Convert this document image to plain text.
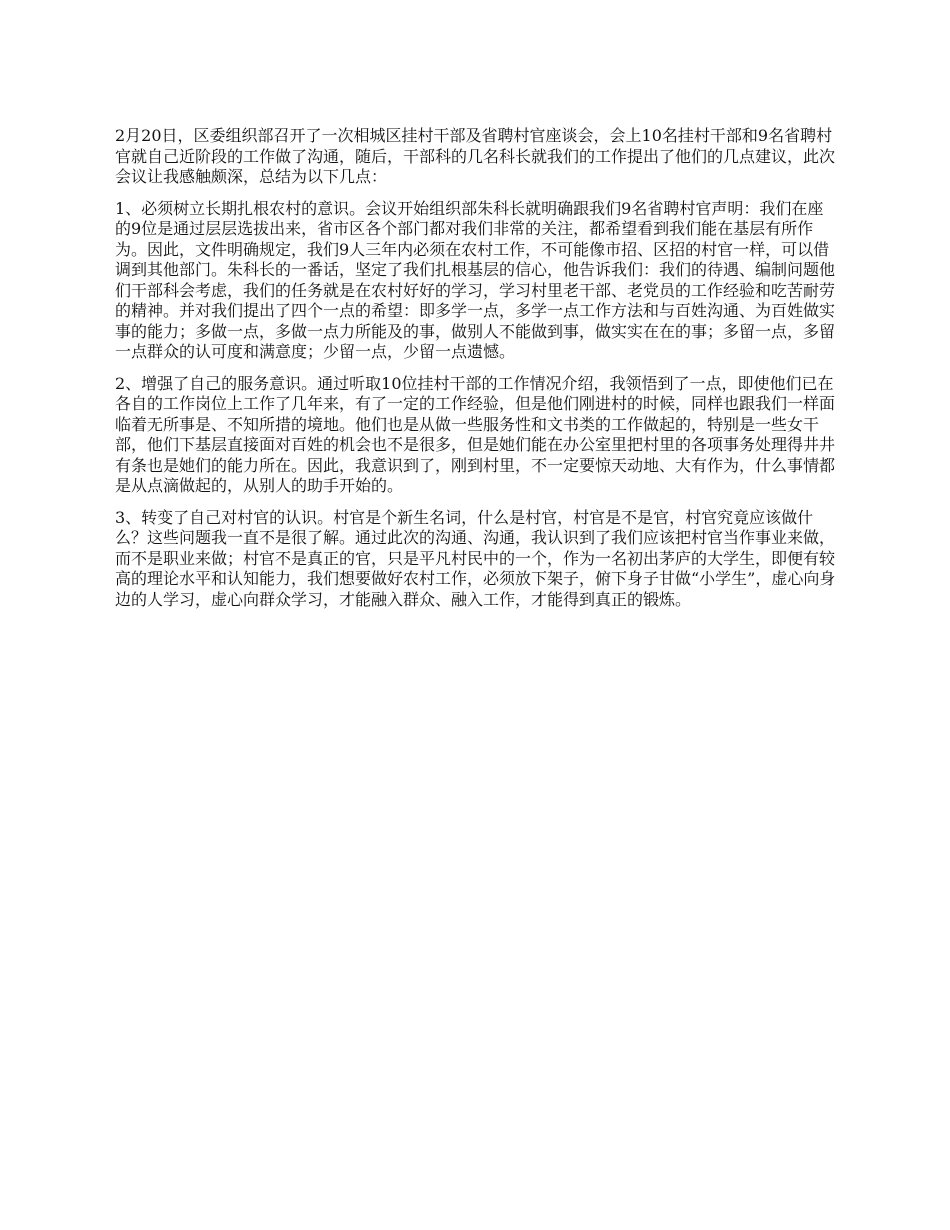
2月20日，区委组织部召开了一次相城区挂村干部及省聘村官座谈会，会上10名挂村干部和9名省聘村官就自己近阶段的工作做了沟通，随后，干部科的几名科长就我们的工作提出了他们的几点建议，此次会议让我感触颇深，总结为以下几点：

1、必须树立长期扎根农村的意识。会议开始组织部朱科长就明确跟我们9名省聘村官声明：我们在座的9位是通过层层选拔出来，省市区各个部门都对我们非常的关注，都希望看到我们能在基层有所作为。因此，文件明确规定，我们9人三年内必须在农村工作，不可能像市招、区招的村官一样，可以借调到其他部门。朱科长的一番话，坚定了我们扎根基层的信心，他告诉我们：我们的待遇、编制问题他们干部科会考虑，我们的任务就是在农村好好的学习，学习村里老干部、老党员的工作经验和吃苦耐劳的精神。并对我们提出了四个一点的希望：即多学一点，多学一点工作方法和与百姓沟通、为百姓做实事的能力；多做一点，多做一点力所能及的事，做别人不能做到事，做实实在在的事；多留一点，多留一点群众的认可度和满意度；少留一点，少留一点遗憾。

2、增强了自己的服务意识。通过听取10位挂村干部的工作情况介绍，我领悟到了一点，即使他们已在各自的工作岗位上工作了几年来，有了一定的工作经验，但是他们刚进村的时候，同样也跟我们一样面临着无所事是、不知所措的境地。他们也是从做一些服务性和文书类的工作做起的，特别是一些女干部，他们下基层直接面对百姓的机会也不是很多，但是她们能在办公室里把村里的各项事务处理得井井有条也是她们的能力所在。因此，我意识到了，刚到村里，不一定要惊天动地、大有作为，什么事情都是从点滴做起的，从别人的助手开始的。

3、转变了自己对村官的认识。村官是个新生名词，什么是村官，村官是不是官，村官究竟应该做什么？这些问题我一直不是很了解。通过此次的沟通、沟通，我认识到了我们应该把村官当作事业来做，而不是职业来做；村官不是真正的官，只是平凡村民中的一个，作为一名初出茅庐的大学生，即便有较高的理论水平和认知能力，我们想要做好农村工作，必须放下架子，俯下身子甘做“小学生”，虚心向身边的人学习，虚心向群众学习，才能融入群众、融入工作，才能得到真正的锻炼。
